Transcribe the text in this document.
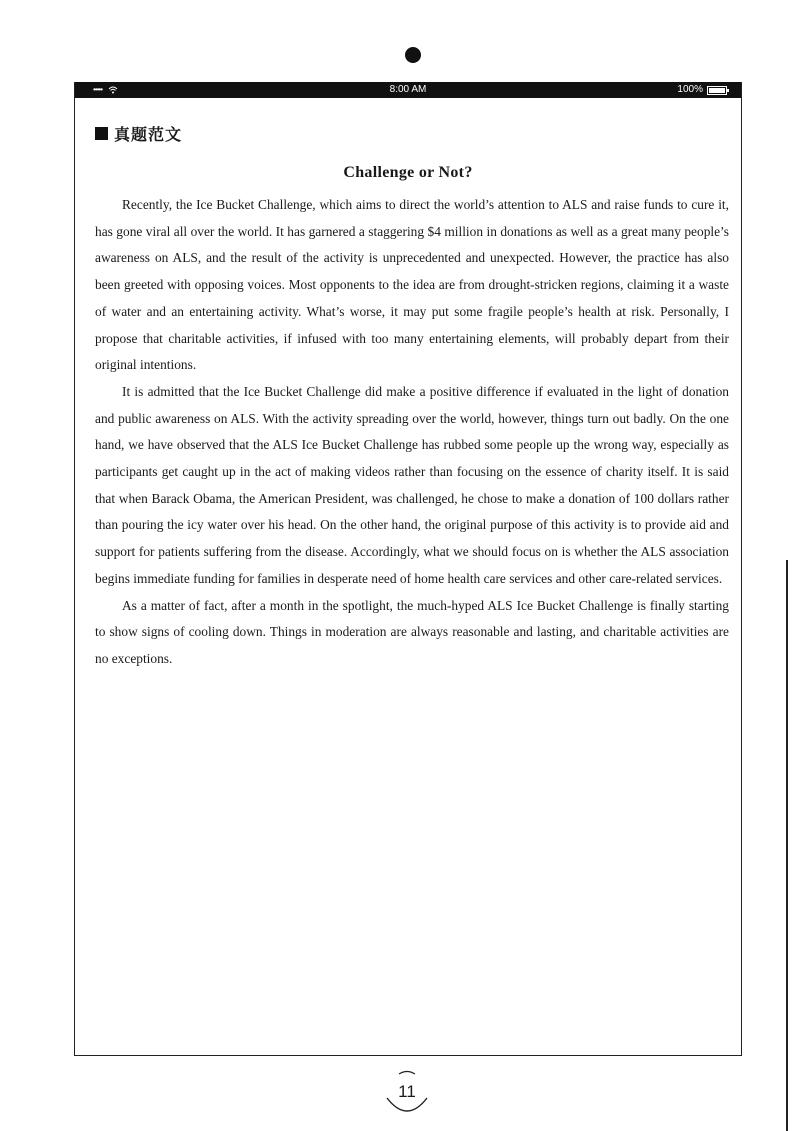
•••••	8:00 AM	100%
真题范文
Challenge or Not?

Recently, the Ice Bucket Challenge, which aims to direct the world’s attention to ALS and raise funds to cure it, has gone viral all over the world. It has garnered a staggering $4 million in donations as well as a great many people’s awareness on ALS, and the result of the activity is unprecedented and unexpected. However, the practice has also been greeted with opposing voices. Most opponents to the idea are from drought-stricken regions, claiming it a waste of water and an entertaining activity. What’s worse, it may put some fragile people’s health at risk. Personally, I propose that charitable activities, if infused with too many entertaining elements, will probably depart from their original intentions.

It is admitted that the Ice Bucket Challenge did make a positive difference if evaluated in the light of donation and public awareness on ALS. With the activity spreading over the world, however, things turn out badly. On the one hand, we have observed that the ALS Ice Bucket Challenge has rubbed some people up the wrong way, especially as participants get caught up in the act of making videos rather than focusing on the essence of charity itself. It is said that when Barack Obama, the American President, was challenged, he chose to make a donation of 100 dollars rather than pouring the icy water over his head. On the other hand, the original purpose of this activity is to provide aid and support for patients suffering from the disease. Accordingly, what we should focus on is whether the ALS association begins immediate funding for families in desperate need of home health care services and other care-related services.

As a matter of fact, after a month in the spotlight, the much-hyped ALS Ice Bucket Challenge is finally starting to show signs of cooling down. Things in moderation are always reasonable and lasting, and charitable activities are no exceptions.

11
